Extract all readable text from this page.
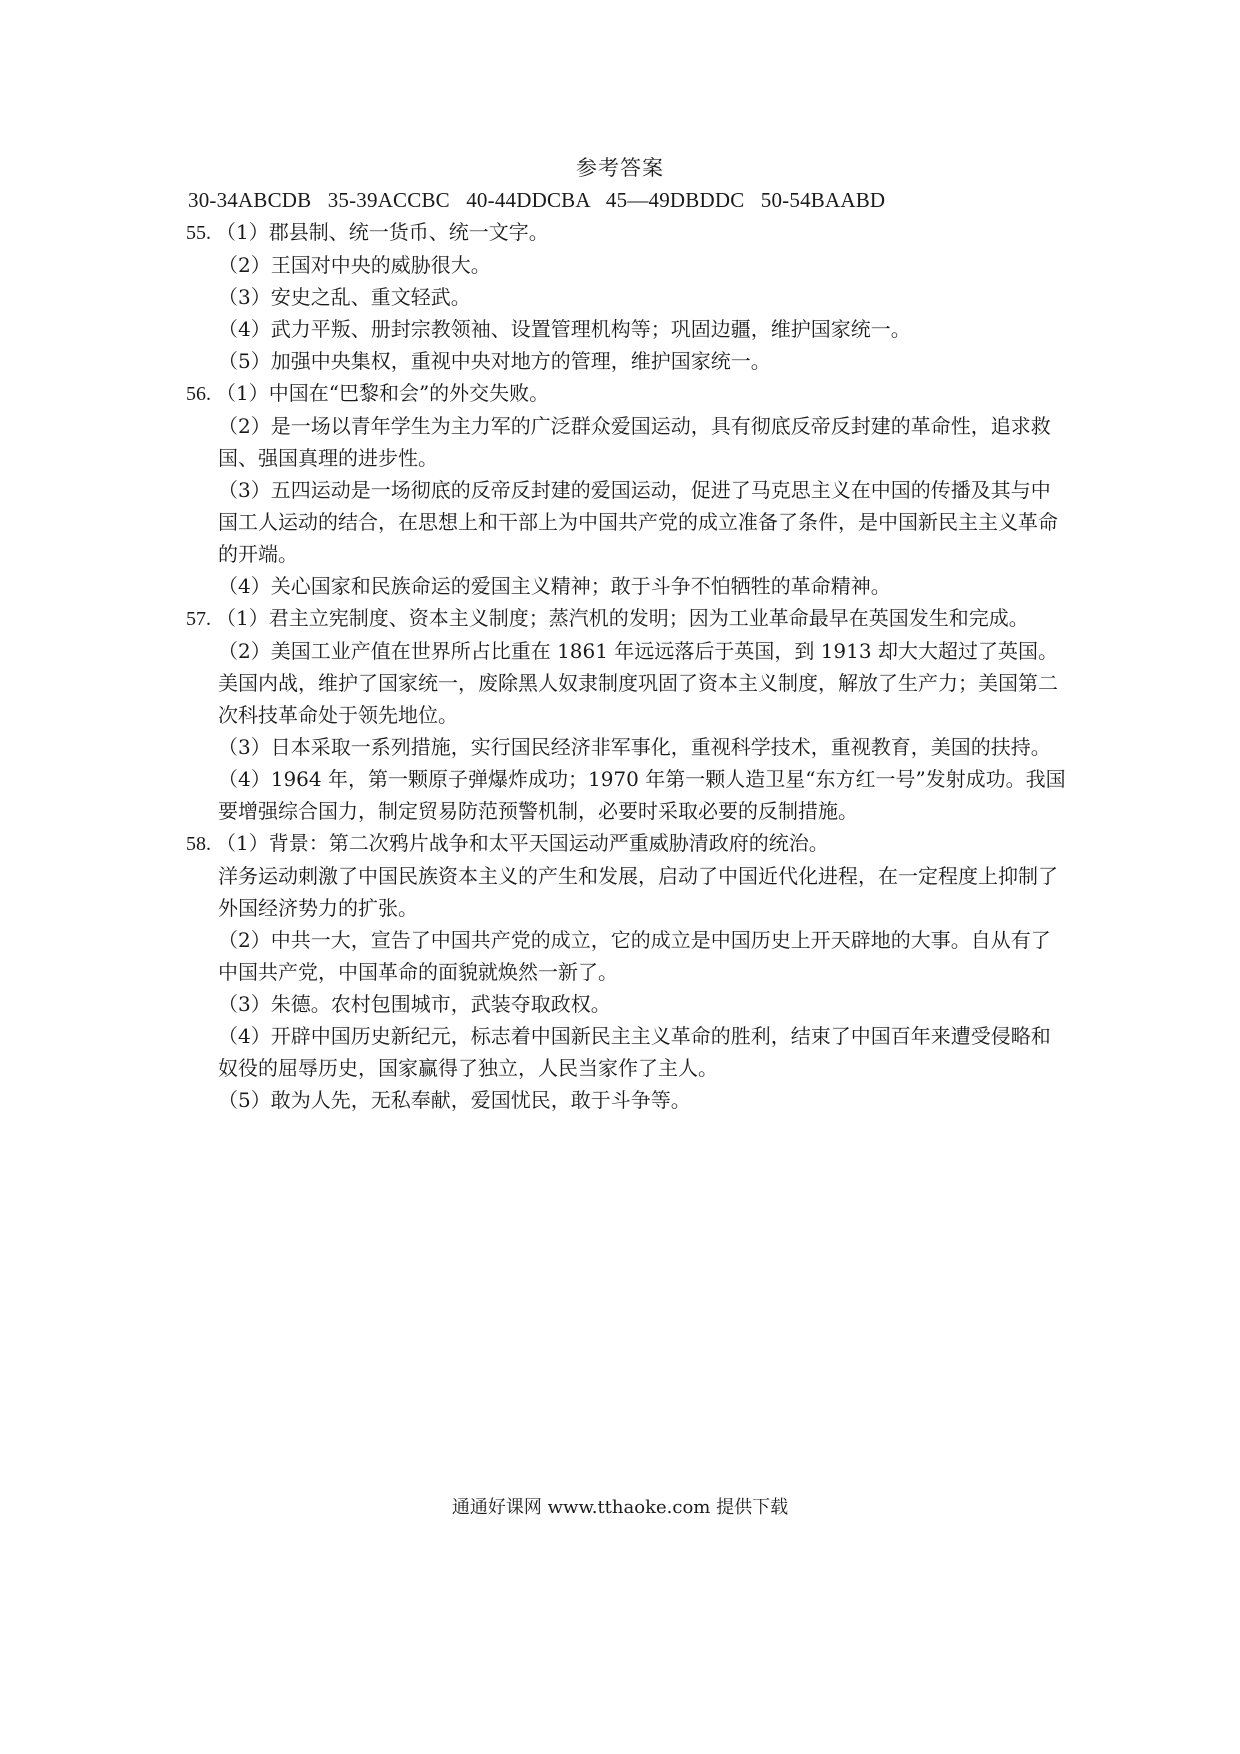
参考答案
30-34ABCDB   35-39ACCBC   40-44DDCBA   45—49DBDDC   50-54BAABD

55. （1）郡县制、统一货币、统一文字。

（2）王国对中央的威胁很大。

（3）安史之乱、重文轻武。

（4）武力平叛、册封宗教领袖、设置管理机构等；巩固边疆，维护国家统一。

（5）加强中央集权，重视中央对地方的管理，维护国家统一。

56. （1）中国在“巴黎和会”的外交失败。

（2）是一场以青年学生为主力军的广泛群众爱国运动，具有彻底反帝反封建的革命性，追求救国、强国真理的进步性。

（3）五四运动是一场彻底的反帝反封建的爱国运动，促进了马克思主义在中国的传播及其与中国工人运动的结合，在思想上和干部上为中国共产党的成立准备了条件，是中国新民主主义革命的开端。

（4）关心国家和民族命运的爱国主义精神；敢于斗争不怕牺牲的革命精神。

57. （1）君主立宪制度、资本主义制度；蒸汽机的发明；因为工业革命最早在英国发生和完成。

（2）美国工业产值在世界所占比重在 1861 年远远落后于英国，到 1913 却大大超过了英国。美国内战，维护了国家统一，废除黑人奴隶制度巩固了资本主义制度，解放了生产力；美国第二次科技革命处于领先地位。

（3）日本采取一系列措施，实行国民经济非军事化，重视科学技术，重视教育，美国的扶持。

（4）1964 年，第一颗原子弹爆炸成功；1970 年第一颗人造卫星“东方红一号”发射成功。我国要增强综合国力，制定贸易防范预警机制，必要时采取必要的反制措施。

58. （1）背景：第二次鸦片战争和太平天国运动严重威胁清政府的统治。

洋务运动刺激了中国民族资本主义的产生和发展，启动了中国近代化进程，在一定程度上抑制了外国经济势力的扩张。

（2）中共一大，宣告了中国共产党的成立，它的成立是中国历史上开天辟地的大事。自从有了中国共产党，中国革命的面貌就焕然一新了。

（3）朱德。农村包围城市，武装夺取政权。

（4）开辟中国历史新纪元，标志着中国新民主主义革命的胜利，结束了中国百年来遭受侵略和奴役的屈辱历史，国家赢得了独立，人民当家作了主人。

（5）敢为人先，无私奉献，爱国忧民，敢于斗争等。

通通好课网 www.tthaoke.com 提供下载
